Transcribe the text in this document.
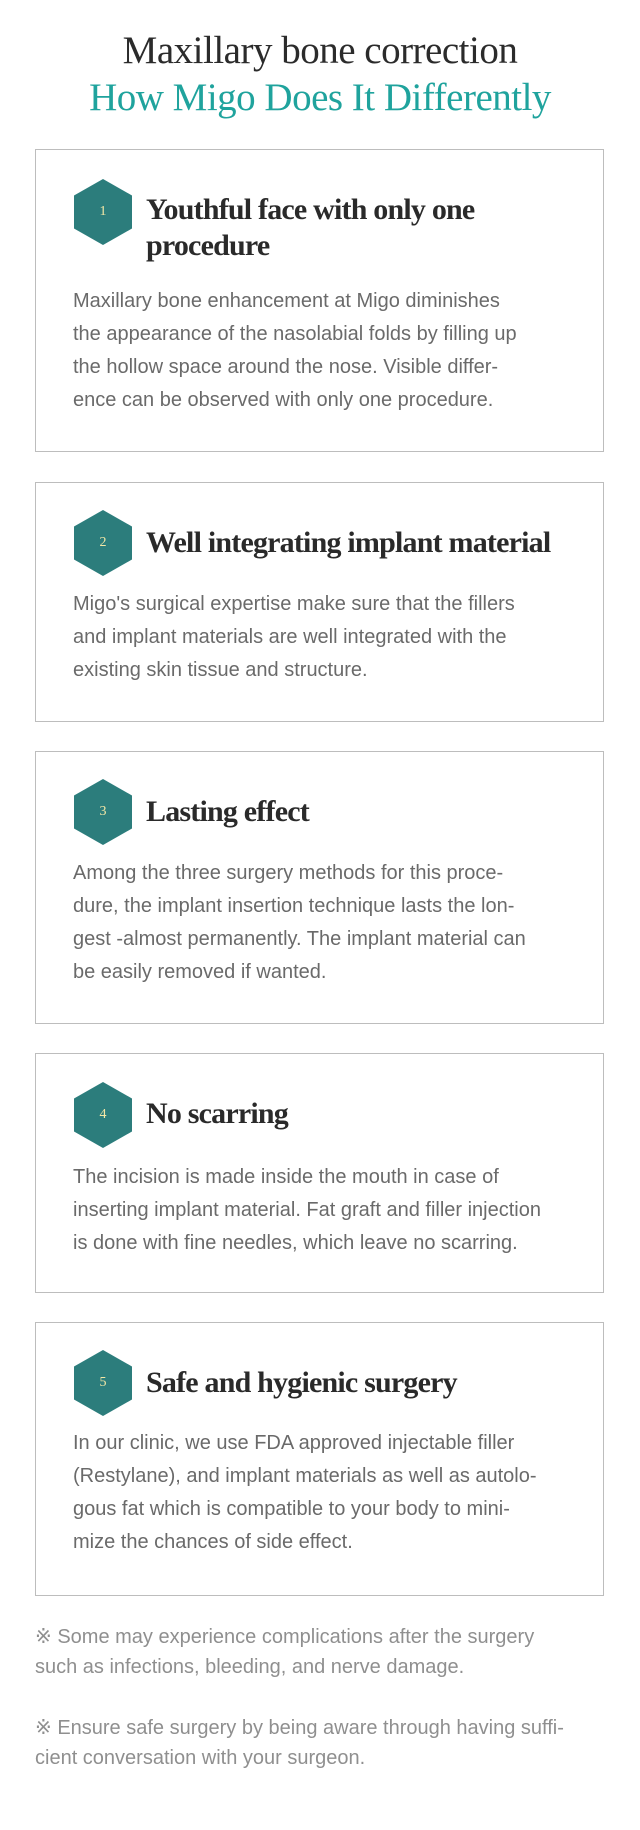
Maxillary bone correction
How Migo Does It Differently
1	Youthful face with only one
procedure
Maxillary bone enhancement at Migo diminishes
the appearance of the nasolabial folds by filling up
the hollow space around the nose. Visible differ-
ence can be observed with only one procedure.
2	Well integrating implant material
Migo's surgical expertise make sure that the fillers
and implant materials are well integrated with the
existing skin tissue and structure.
3	Lasting effect
Among the three surgery methods for this proce-
dure, the implant insertion technique lasts the lon-
gest -almost permanently. The implant material can
be easily removed if wanted.
4	No scarring
The incision is made inside the mouth in case of
inserting implant material. Fat graft and filler injection
is done with fine needles, which leave no scarring.
5	Safe and hygienic surgery
In our clinic, we use FDA approved injectable filler
(Restylane), and implant materials as well as autolo-
gous fat which is compatible to your body to mini-
mize the chances of side effect.
※ Some may experience complications after the surgery
such as infections, bleeding, and nerve damage.
※ Ensure safe surgery by being aware through having suffi-
cient conversation with your surgeon.
